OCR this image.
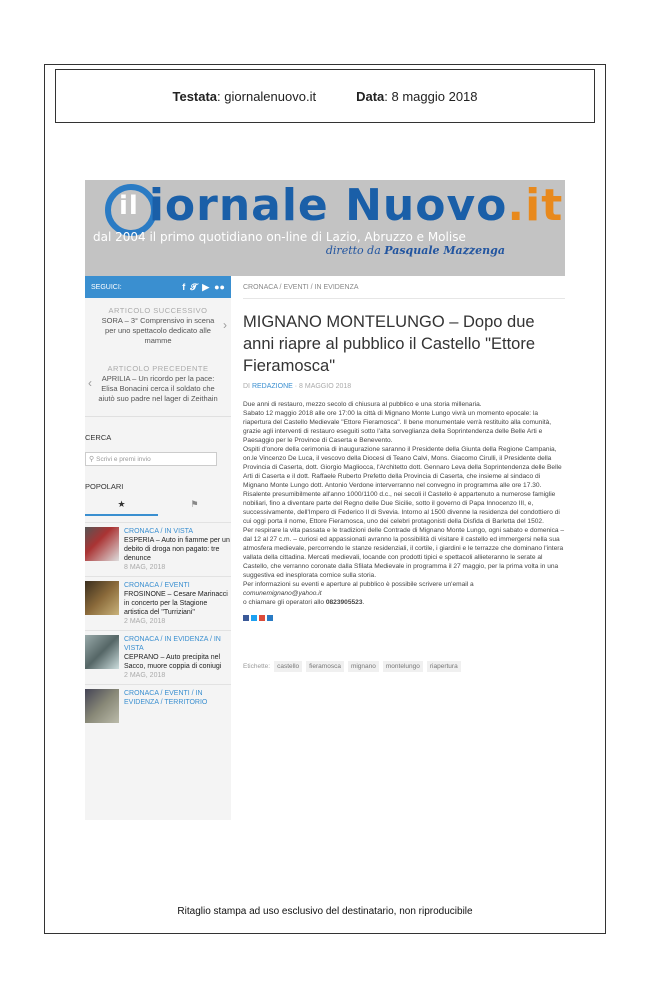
Testata: giornalenuovo.it	Data: 8 maggio 2018
il iornale Nuovo.it
dal 2004 il primo quotidiano on-line di Lazio, Abruzzo e Molise
diretto da Pasquale Mazzenga
SEGUICI:	f 𝓣 ▶ ●●
ARTICOLO SUCCESSIVO
SORA – 3° Comprensivo in scena per uno spettacolo dedicato alle mamme
›
ARTICOLO PRECEDENTE
APRILIA – Un ricordo per la pace: Elisa Bonacini cerca il soldato che aiutò suo padre nel lager di Zeithain
‹
CERCA
⚲ Scrivi e premi invio
POPOLARI
★	⚑
CRONACA / IN VISTA
ESPERIA – Auto in fiamme per un debito di droga non pagato: tre denunce
8 MAG, 2018
CRONACA / EVENTI
FROSINONE – Cesare Marinacci in concerto per la Stagione artistica del "Turriziani"
2 MAG, 2018
CRONACA / IN EVIDENZA / IN VISTA
CEPRANO – Auto precipita nel Sacco, muore coppia di coniugi
2 MAG, 2018
CRONACA / EVENTI / IN EVIDENZA / TERRITORIO
CRONACA / EVENTI / IN EVIDENZA
MIGNANO MONTELUNGO – Dopo due anni riapre al pubblico il Castello "Ettore Fieramosca"
DI REDAZIONE · 8 MAGGIO 2018

Due anni di restauro, mezzo secolo di chiusura al pubblico e una storia millenaria.

Sabato 12 maggio 2018 alle ore 17:00 la città di Mignano Monte Lungo vivrà un momento epocale: la riapertura del Castello Medievale "Ettore Fieramosca". Il bene monumentale verrà restituito alla comunità, grazie agli interventi di restauro eseguiti sotto l'alta sorveglianza della Soprintendenza delle Belle Arti e Paesaggio per le Province di Caserta e Benevento.

Ospiti d'onore della cerimonia di inaugurazione saranno il Presidente della Giunta della Regione Campania, on.le Vincenzo De Luca, il vescovo della Diocesi di Teano Calvi, Mons. Giacomo Cirulli, il Presidente della Provincia di Caserta, dott. Giorgio Magliocca, l'Architetto dott. Gennaro Leva della Soprintendenza delle Belle Arti di Caserta e il dott. Raffaele Ruberto Prefetto della Provincia di Caserta, che insieme al sindaco di Mignano Monte Lungo dott. Antonio Verdone interverranno nel convegno in programma alle ore 17.30.

Risalente presumibilmente all'anno 1000/1100 d.c., nei secoli il Castello è appartenuto a numerose famiglie nobiliari, fino a diventare parte del Regno delle Due Sicilie, sotto il governo di Papa Innocenzo III, e, successivamente, dell'Impero di Federico II di Svevia. Intorno al 1500 divenne la residenza del condottiero di cui oggi porta il nome, Ettore Fieramosca, uno dei celebri protagonisti della Disfida di Barletta del 1502.

Per respirare la vita passata e le tradizioni delle Contrade di Mignano Monte Lungo, ogni sabato e domenica – dal 12 al 27 c.m. – curiosi ed appassionati avranno la possibilità di visitare il castello ed immergersi nella sua atmosfera medievale, percorrendo le stanze residenziali, il cortile, i giardini e le terrazze che dominano l'intera vallata della cittadina. Mercati medievali, locande con prodotti tipici e spettacoli allieteranno le serate al Castello, che verranno coronate dalla Sfilata Medievale in programma il 27 maggio, per la prima volta in una suggestiva ed inesplorata cornice sulla storia.

Per informazioni su eventi e aperture al pubblico è possibile scrivere un'email a

comunemignano@yahoo.it

o chiamare gli operatori allo 0823905523.

Etichette:	castello	fieramosca	mignano	montelungo	riapertura
Ritaglio stampa ad uso esclusivo del destinatario, non riproducibile
